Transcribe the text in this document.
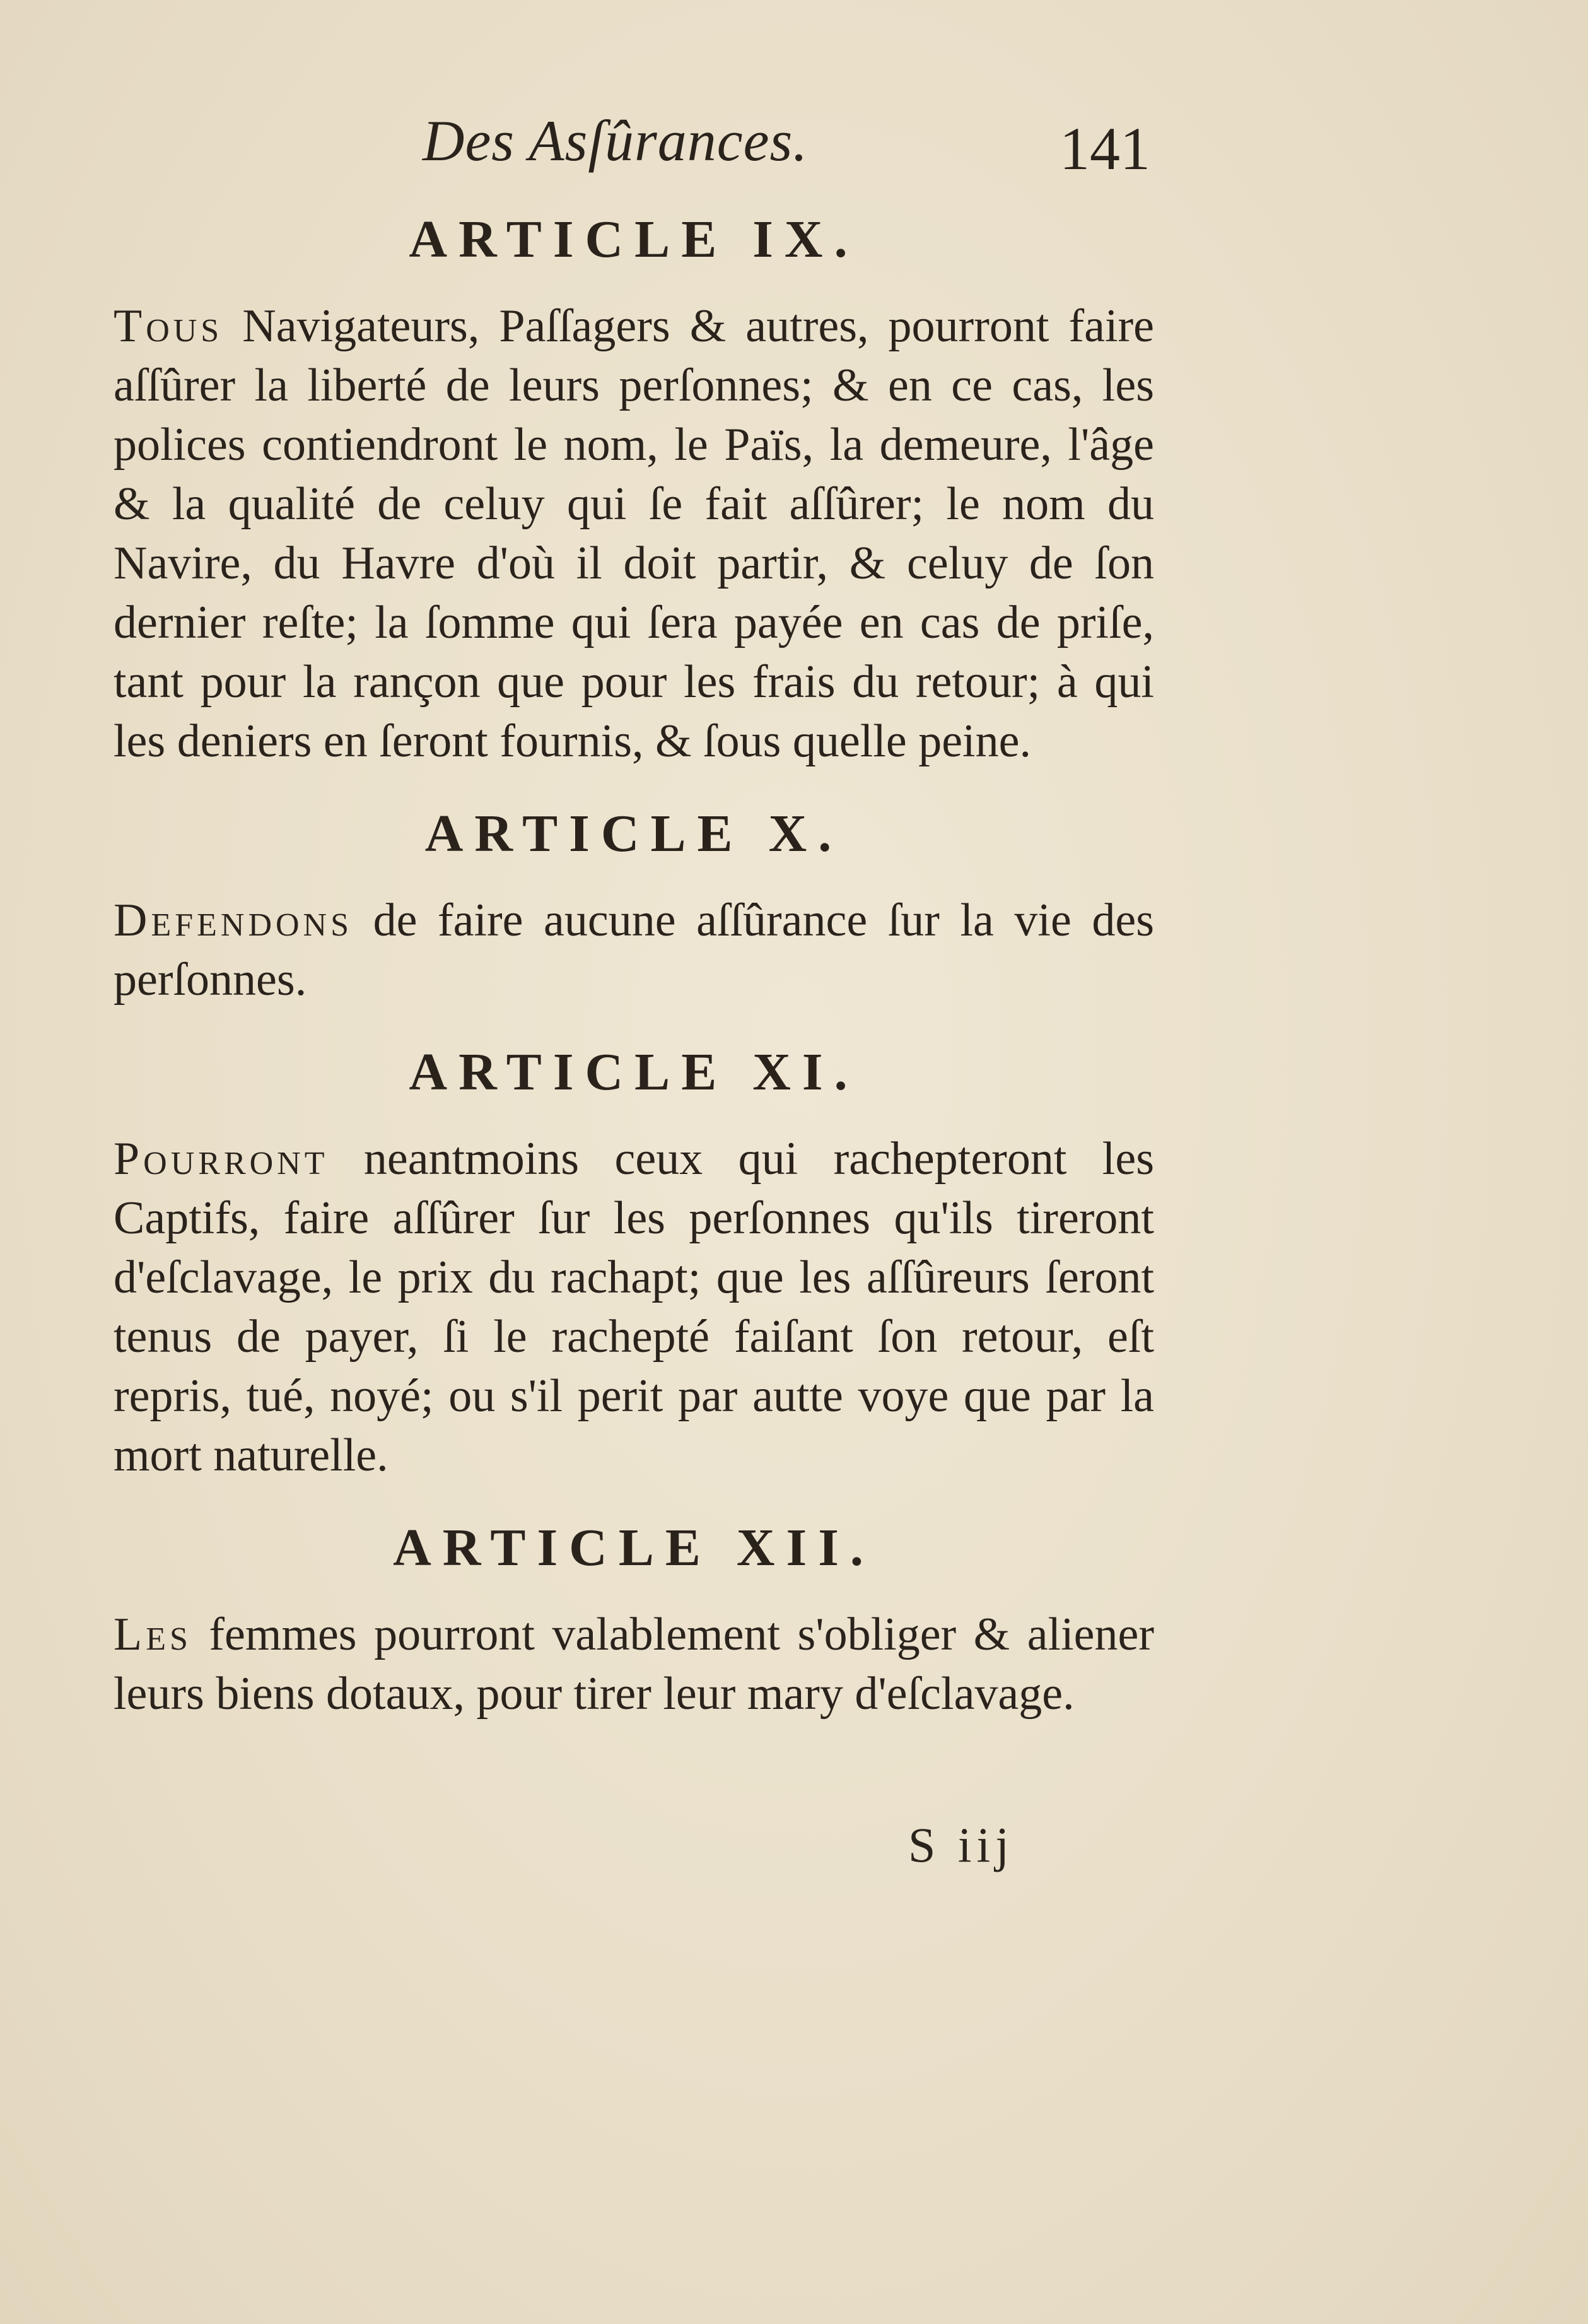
Des Asſûrances.	141
ARTICLE IX.

Tous Navigateurs, Paſſagers & autres, pourront faire aſſûrer la liberté de leurs perſonnes; & en ce cas, les polices contiendront le nom, le Païs, la demeure, l'âge & la qualité de celuy qui ſe fait aſſûrer; le nom du Navire, du Havre d'où il doit partir, & celuy de ſon dernier reſte; la ſomme qui ſera payée en cas de priſe, tant pour la rançon que pour les frais du retour; à qui les deniers en ſeront fournis, & ſous quelle peine.

ARTICLE X.

Defendons de faire aucune aſſûrance ſur la vie des perſonnes.

ARTICLE XI.

Pourront neantmoins ceux qui rachepteront les Captifs, faire aſſûrer ſur les perſonnes qu'ils tireront d'eſclavage, le prix du rachapt; que les aſſûreurs ſeront tenus de payer, ſi le rachepté faiſant ſon retour, eſt repris, tué, noyé; ou s'il perit par autte voye que par la mort naturelle.

ARTICLE XII.

Les femmes pourront valablement s'obliger & aliener leurs biens dotaux, pour tirer leur mary d'eſclavage.

S iij
